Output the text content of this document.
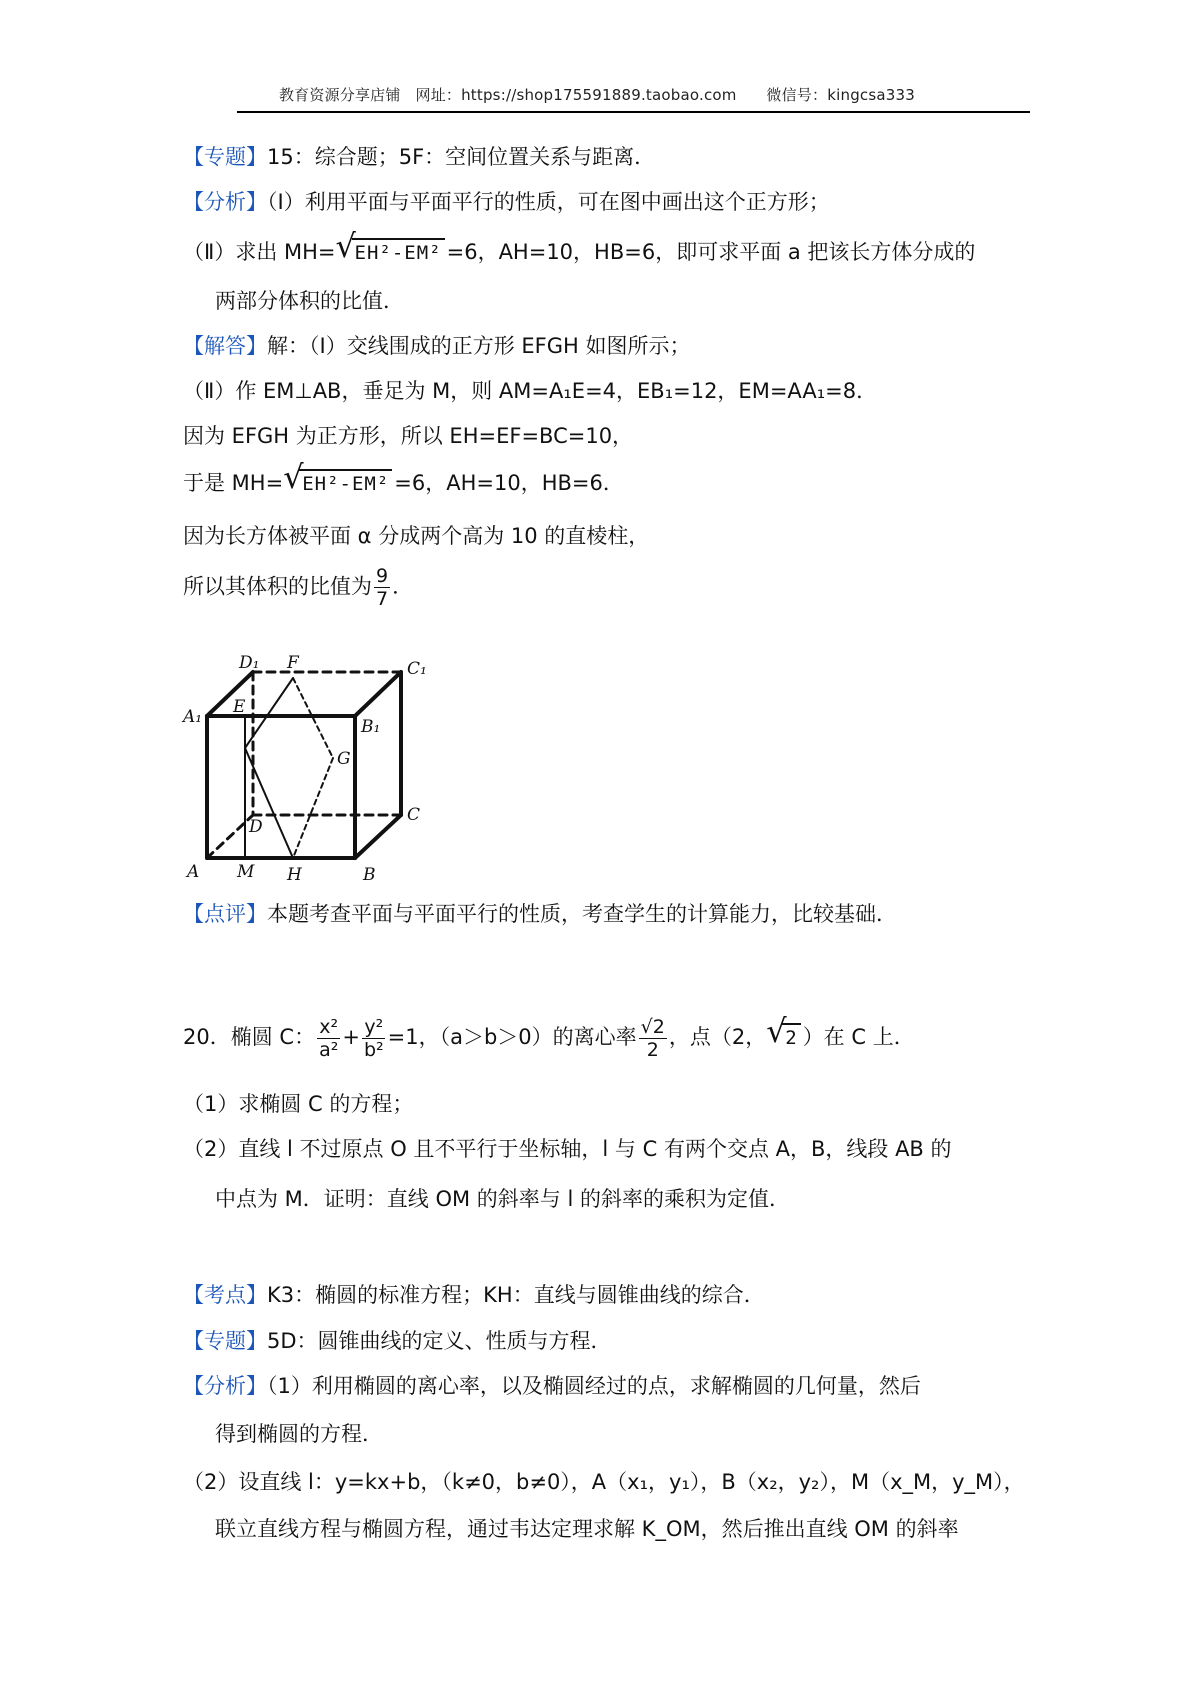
教育资源分享店铺   网址：https://shop175591889.taobao.com      微信号：kingcsa333
【专题】15：综合题；5F：空间位置关系与距离．
【分析】（Ⅰ）利用平面与平面平行的性质，可在图中画出这个正方形；
（Ⅱ）求出 MH= √ EH²-EM² =6，AH=10，HB=6，即可求平面 a 把该长方体分成的
两部分体积的比值．
【解答】解：（Ⅰ）交线围成的正方形 EFGH 如图所示；
（Ⅱ）作 EM⊥AB，垂足为 M，则 AM=A₁E=4，EB₁=12，EM=AA₁=8．
因为 EFGH 为正方形，所以 EH=EF=BC=10，
于是 MH= √ EH²-EM² =6，AH=10，HB=6．
因为长方体被平面 α 分成两个高为 10 的直棱柱，
所以其体积的比值为 $\frac{9}{7}$ ．
D₁ F	C₁
E
A₁	B₁
G
D
C
A M H	B
【点评】本题考查平面与平面平行的性质，考查学生的计算能力，比较基础．
20．椭圆 C： $\frac{\text{x²}}{\text{a²}} + \frac{\text{y²}}{\text{b²}} =1$，（a＞b＞0）的离心率 $\frac{√2}{2}$ ，点（2， √ 2 ）在 C 上．
（1）求椭圆 C 的方程；
（2）直线 l 不过原点 O 且不平行于坐标轴，l 与 C 有两个交点 A，B，线段 AB 的
中点为 M．证明：直线 OM 的斜率与 l 的斜率的乘积为定值．
【考点】K3：椭圆的标准方程；KH：直线与圆锥曲线的综合．
【专题】5D：圆锥曲线的定义、性质与方程．
【分析】（1）利用椭圆的离心率，以及椭圆经过的点，求解椭圆的几何量，然后
得到椭圆的方程．
（2）设直线 l：y=kx+b，（k≠0，b≠0），A（x₁，y₁），B（x₂，y₂），M（x_M，y_M），
联立直线方程与椭圆方程，通过韦达定理求解 K_OM，然后推出直线 OM 的斜率
